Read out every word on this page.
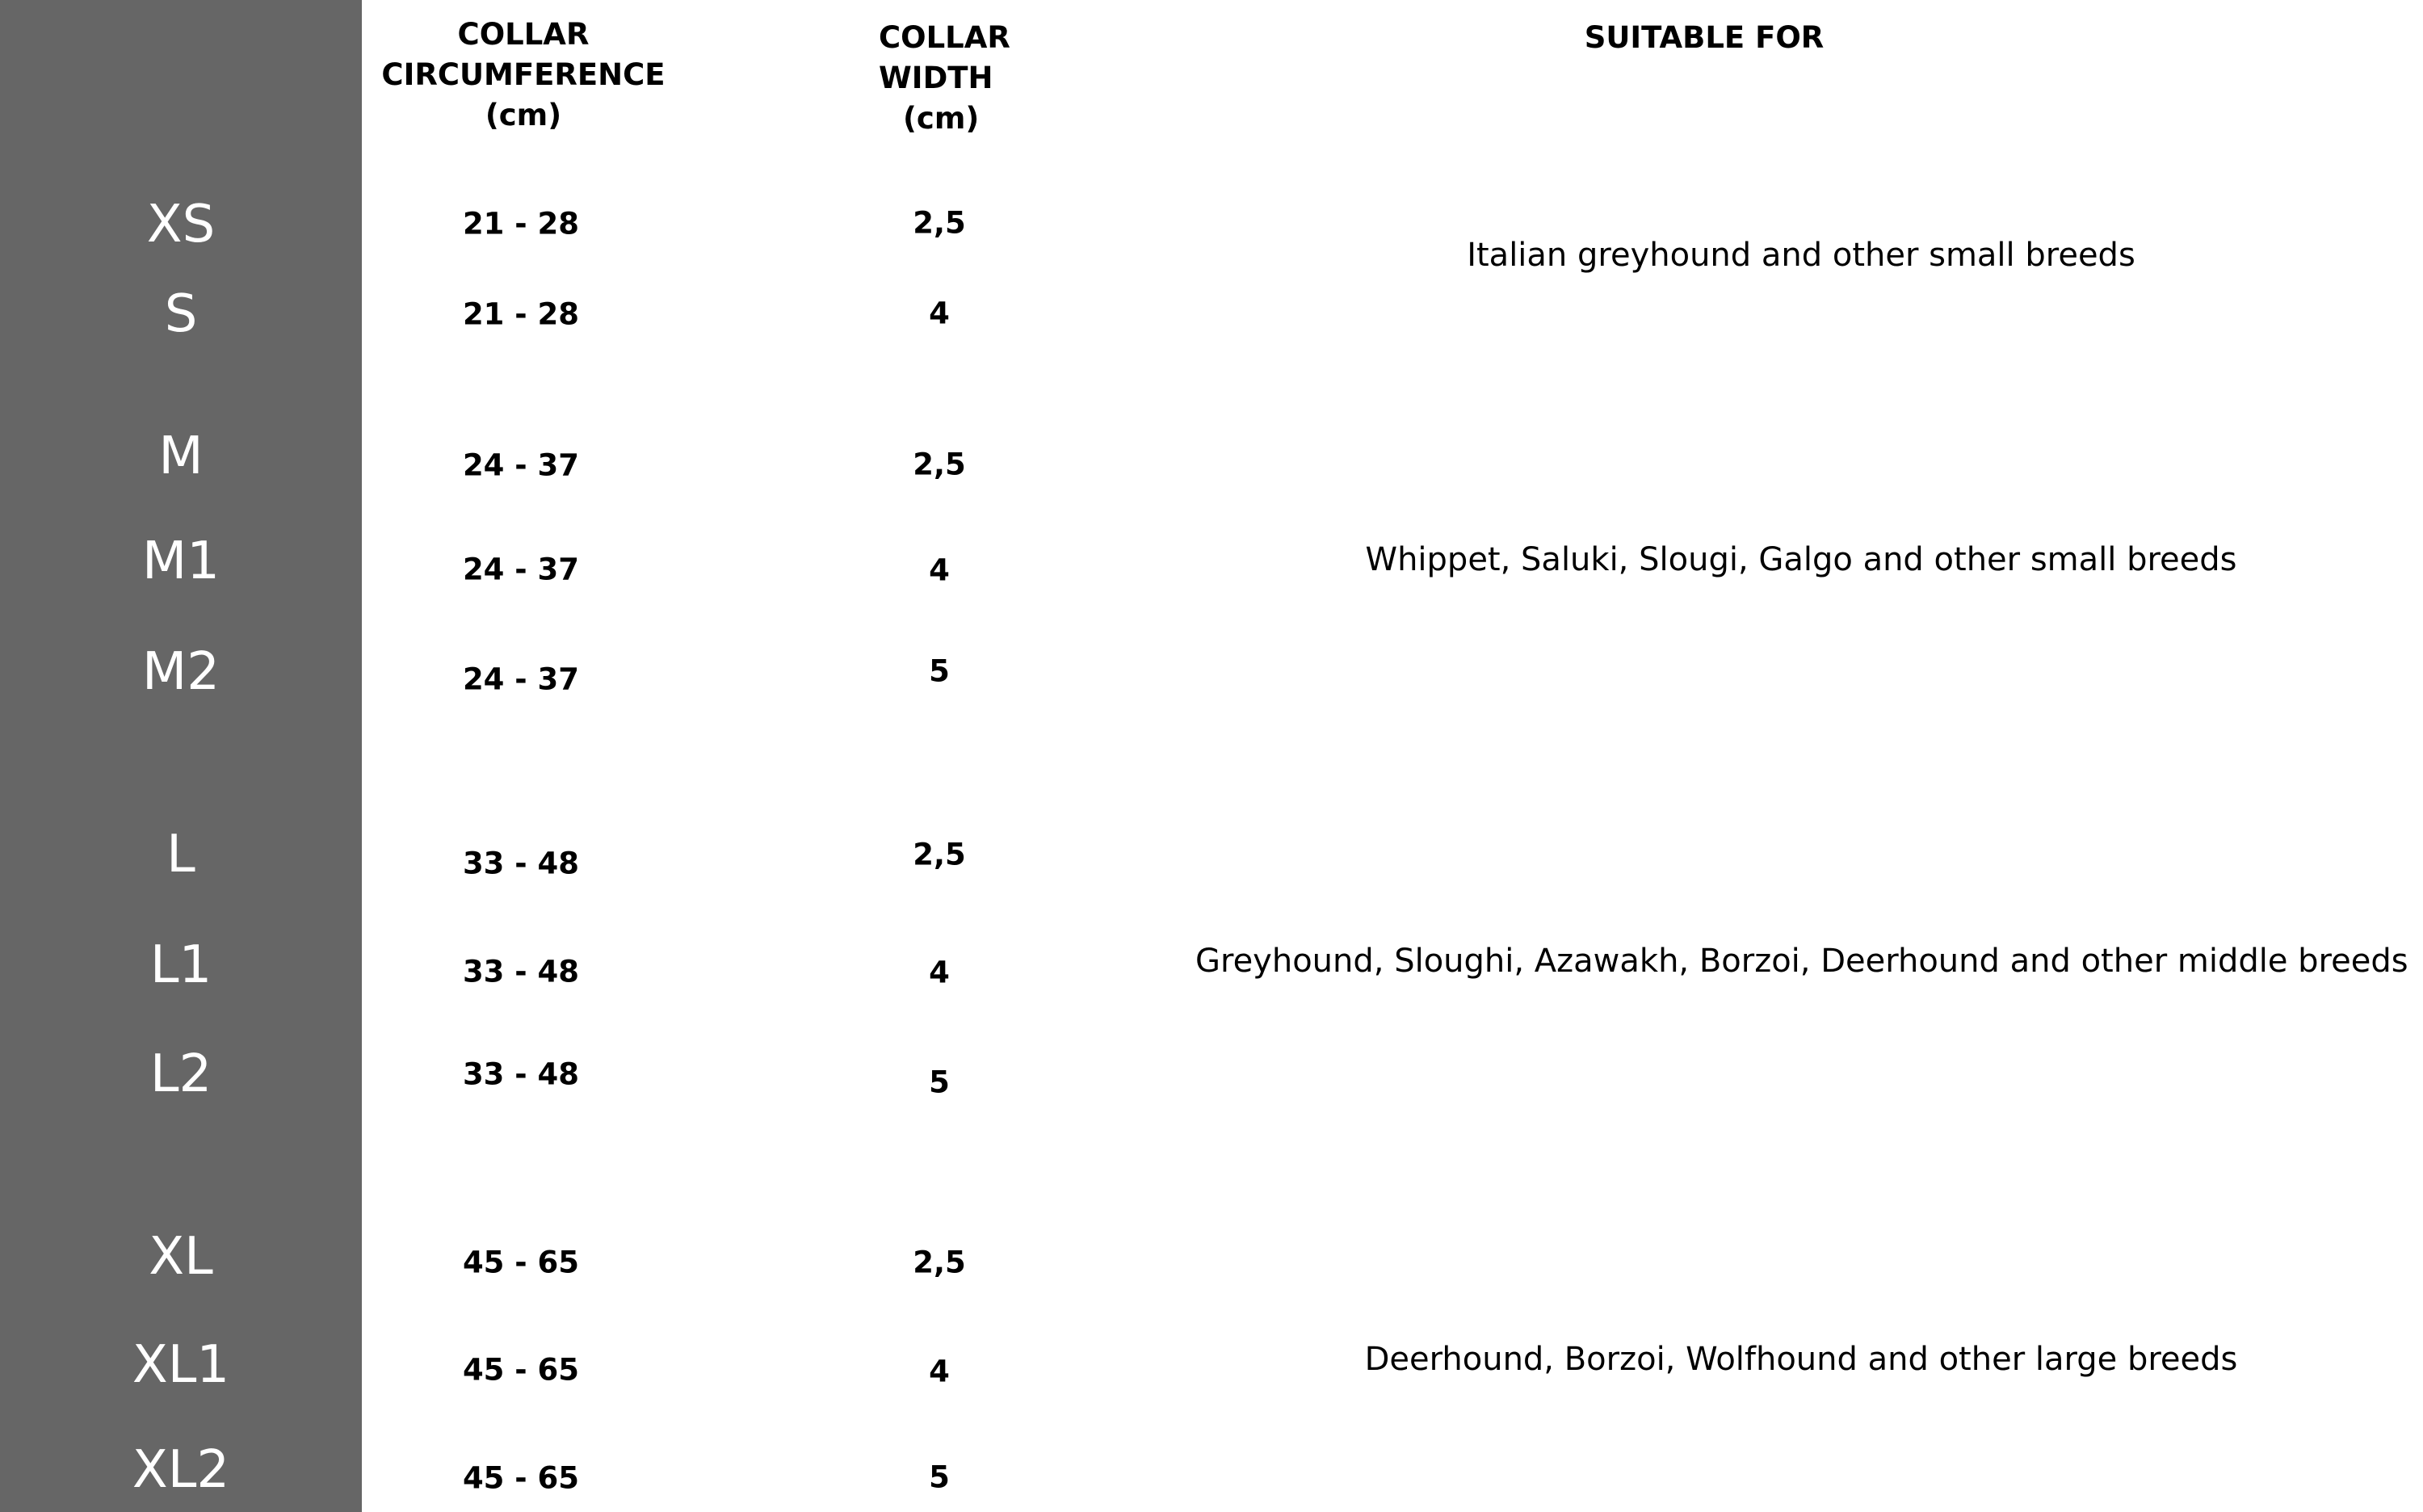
XS
S
M
M1
M2
L
L1
L2
XL
XL1
XL2
COLLAR
CIRCUMFERENCE
(cm)
COLLAR
WIDTH
(cm)
SUITABLE FOR
21 - 28
21 - 28
24 - 37
24 - 37
24 - 37
33 - 48
33 - 48
33 - 48
45 - 65
45 - 65
45 - 65
2,5
4
2,5
4
5
2,5
4
5
2,5
4
5
Italian greyhound and other small breeds
Whippet, Saluki, Slougi, Galgo and other small breeds
Greyhound, Sloughi, Azawakh, Borzoi, Deerhound and other middle breeds
Deerhound, Borzoi, Wolfhound and other large breeds
